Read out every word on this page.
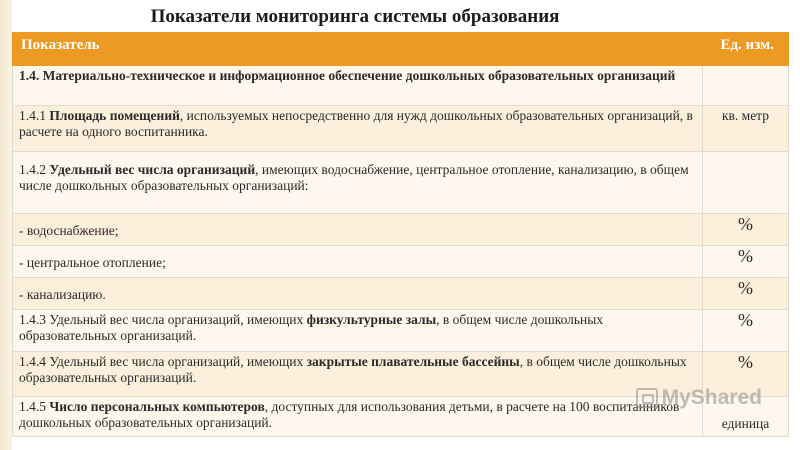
Показатели мониторинга системы образования
Показатель	Ед. изм.
1.4. Материально-техническое и информационное обеспечение дошкольных образовательных организаций	
1.4.1 Площадь помещений, используемых непосредственно для нужд дошкольных образовательных организаций, в расчете на одного воспитанника.	кв. метр
1.4.2 Удельный вес числа организаций, имеющих водоснабжение, центральное отопление, канализацию, в общем числе дошкольных образовательных организаций:	
- водоснабжение;	%
- центральное отопление;	%
- канализацию.	%
1.4.3 Удельный вес числа организаций, имеющих физкультурные залы, в общем числе дошкольных образовательных организаций.	%
1.4.4 Удельный вес числа организаций, имеющих закрытые плавательные бассейны, в общем числе дошкольных образовательных организаций.	%
1.4.5 Число персональных компьютеров, доступных для использования детьми, в расчете на 100 воспитанников дошкольных образовательных организаций.	единица
MyShared
